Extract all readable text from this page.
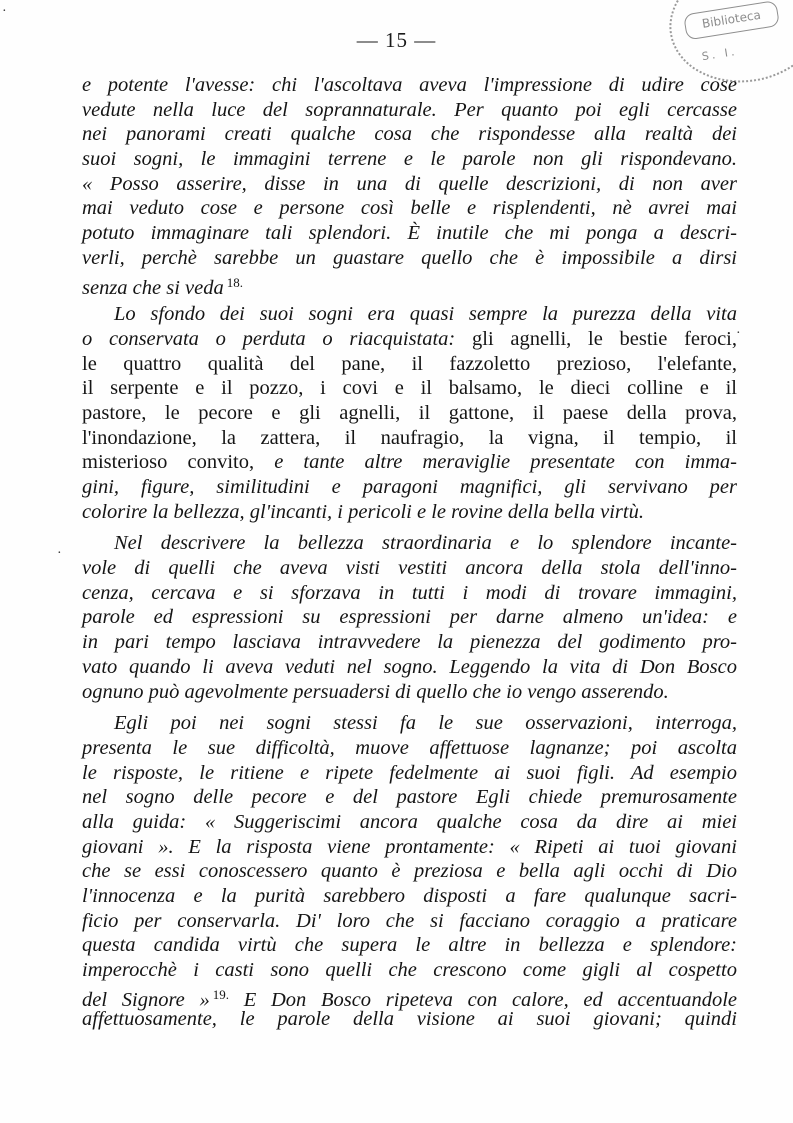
— 15 —
Biblioteca
S. I.
·
·
·
e potente l'avesse: chi l'ascoltava aveva l'impressione di udire cose
vedute nella luce del soprannaturale. Per quanto poi egli cercasse
nei panorami creati qualche cosa che rispondesse alla realtà dei
suoi sogni, le immagini terrene e le parole non gli rispondevano.
« Posso asserire, disse in una di quelle descrizioni, di non aver
mai veduto cose e persone così belle e risplendenti, nè avrei mai
potuto immaginare tali splendori. È inutile che mi ponga a descri-
verli, perchè sarebbe un guastare quello che è impossibile a dirsi
senza che si veda $^{18.}$
Lo sfondo dei suoi sogni era quasi sempre la purezza della vita
o conservata o perduta o riacquistata: gli agnelli, le bestie feroci,
le quattro qualità del pane, il fazzoletto prezioso, l'elefante,
il serpente e il pozzo, i covi e il balsamo, le dieci colline e il
pastore, le pecore e gli agnelli, il gattone, il paese della prova,
l'inondazione, la zattera, il naufragio, la vigna, il tempio, il
misterioso convito, e tante altre meraviglie presentate con imma-
gini, figure, similitudini e paragoni magnifici, gli servivano per
colorire la bellezza, gl'incanti, i pericoli e le rovine della bella virtù.
Nel descrivere la bellezza straordinaria e lo splendore incante-
vole di quelli che aveva visti vestiti ancora della stola dell'inno-
cenza, cercava e si sforzava in tutti i modi di trovare immagini,
parole ed espressioni su espressioni per darne almeno un'idea: e
in pari tempo lasciava intravvedere la pienezza del godimento pro-
vato quando li aveva veduti nel sogno. Leggendo la vita di Don Bosco
ognuno può agevolmente persuadersi di quello che io vengo asserendo.
Egli poi nei sogni stessi fa le sue osservazioni, interroga,
presenta le sue difficoltà, muove affettuose lagnanze; poi ascolta
le risposte, le ritiene e ripete fedelmente ai suoi figli. Ad esempio
nel sogno delle pecore e del pastore Egli chiede premurosamente
alla guida: « Suggeriscimi ancora qualche cosa da dire ai miei
giovani ». E la risposta viene prontamente: « Ripeti ai tuoi giovani
che se essi conoscessero quanto è preziosa e bella agli occhi di Dio
l'innocenza e la purità sarebbero disposti a fare qualunque sacri-
ficio per conservarla. Di' loro che si facciano coraggio a praticare
questa candida virtù che supera le altre in bellezza e splendore:
imperocchè i casti sono quelli che crescono come gigli al cospetto
del Signore » $^{19.}$ E Don Bosco ripeteva con calore, ed accentuandole
affettuosamente, le parole della visione ai suoi giovani; quindi
